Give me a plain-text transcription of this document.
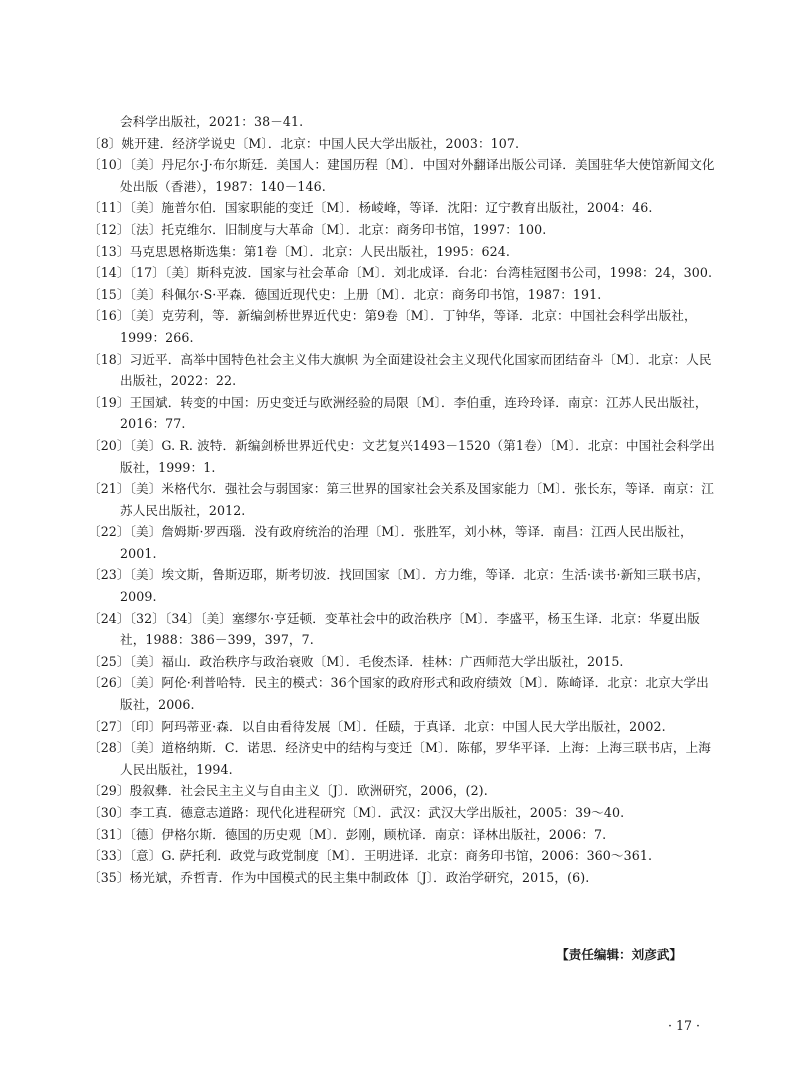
会科学出版社，2021：38－41.

〔8〕姚开建．经济学说史〔M〕．北京：中国人民大学出版社，2003：107.

〔10〕〔美〕丹尼尔·J·布尔斯廷．美国人：建国历程〔M〕．中国对外翻译出版公司译．美国驻华大使馆新闻文化处出版（香港），1987：140－146.

〔11〕〔美〕施普尔伯．国家职能的变迁〔M〕．杨崚峰，等译．沈阳：辽宁教育出版社，2004：46.

〔12〕〔法〕托克维尔．旧制度与大革命〔M〕．北京：商务印书馆，1997：100.

〔13〕马克思恩格斯选集：第1卷〔M〕．北京：人民出版社，1995：624.

〔14〕〔17〕〔美〕斯科克波．国家与社会革命〔M〕．刘北成译．台北：台湾桂冠图书公司，1998：24，300.

〔15〕〔美〕科佩尔·S·平森．德国近现代史：上册〔M〕．北京：商务印书馆，1987：191.

〔16〕〔美〕克劳利，等．新编剑桥世界近代史：第9卷〔M〕．丁钟华，等译．北京：中国社会科学出版社，1999：266.

〔18〕习近平．高举中国特色社会主义伟大旗帜 为全面建设社会主义现代化国家而团结奋斗〔M〕．北京：人民出版社，2022：22.

〔19〕王国斌．转变的中国：历史变迁与欧洲经验的局限〔M〕．李伯重，连玲玲译．南京：江苏人民出版社，2016：77.

〔20〕〔美〕G. R. 波特．新编剑桥世界近代史：文艺复兴1493－1520（第1卷）〔M〕．北京：中国社会科学出版社，1999：1.

〔21〕〔美〕米格代尔．强社会与弱国家：第三世界的国家社会关系及国家能力〔M〕．张长东，等译．南京：江苏人民出版社，2012.

〔22〕〔美〕詹姆斯·罗西瑙．没有政府统治的治理〔M〕．张胜军，刘小林，等译．南昌：江西人民出版社，2001.

〔23〕〔美〕埃文斯，鲁斯迈耶，斯考切波．找回国家〔M〕．方力维，等译．北京：生活·读书·新知三联书店，2009.

〔24〕〔32〕〔34〕〔美〕塞缪尔·亨廷顿．变革社会中的政治秩序〔M〕．李盛平，杨玉生译．北京：华夏出版社，1988：386－399，397，7.

〔25〕〔美〕福山．政治秩序与政治衰败〔M〕．毛俊杰译．桂林：广西师范大学出版社，2015.

〔26〕〔美〕阿伦·利普哈特．民主的模式：36个国家的政府形式和政府绩效〔M〕．陈崎译．北京：北京大学出版社，2006.

〔27〕〔印〕阿玛蒂亚·森．以自由看待发展〔M〕．任赜，于真译．北京：中国人民大学出版社，2002.

〔28〕〔美〕道格纳斯．C．诺思．经济史中的结构与变迁〔M〕．陈郁，罗华平译．上海：上海三联书店，上海人民出版社，1994.

〔29〕殷叙彝．社会民主主义与自由主义〔J〕．欧洲研究，2006，(2).

〔30〕李工真．德意志道路：现代化进程研究〔M〕．武汉：武汉大学出版社，2005：39～40.

〔31〕〔德〕伊格尔斯．德国的历史观〔M〕．彭刚，顾杭译．南京：译林出版社，2006：7.

〔33〕〔意〕G. 萨托利．政党与政党制度〔M〕．王明进译．北京：商务印书馆，2006：360～361.

〔35〕杨光斌，乔哲青．作为中国模式的民主集中制政体〔J〕．政治学研究，2015，(6).

【责任编辑：刘彦武】
· 17 ·
